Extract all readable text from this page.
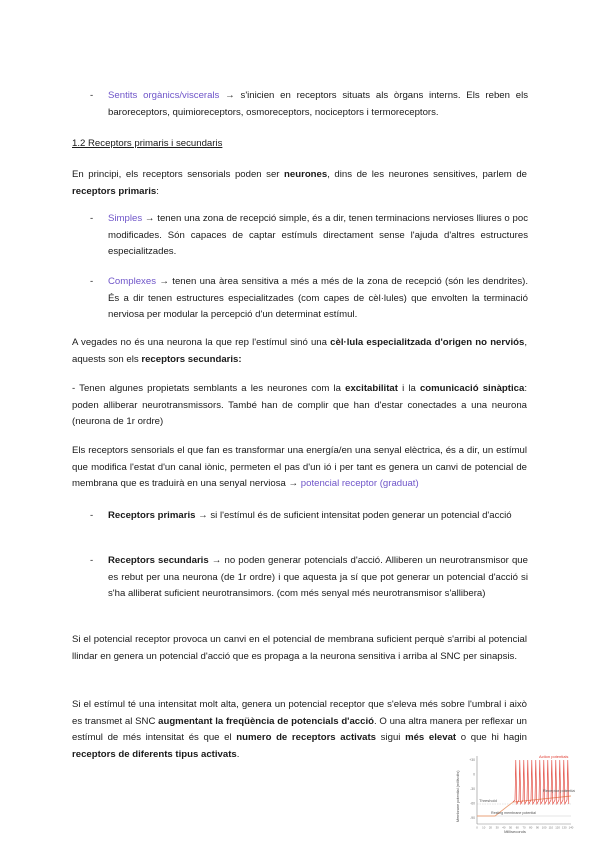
-	Sentits orgànics/viscerals → s'inicien en receptors situats als òrgans interns. Els reben els baroreceptors, quimioreceptors, osmoreceptors, nociceptors i termoreceptors.

1.2 Receptors primaris i secundaris

En principi, els receptors sensorials poden ser neurones, dins de les neurones sensitives, parlem de receptors primaris:

-	Simples → tenen una zona de recepció simple, és a dir, tenen terminacions nervioses lliures o poc modificades. Són capaces de captar estímuls directament sense l'ajuda d'altres estructures especialitzades.

-	Complexes → tenen una àrea sensitiva a més a més de la zona de recepció (són les dendrites). És a dir tenen estructures especialitzades (com capes de cèl·lules) que envolten la terminació nerviosa per modular la percepció d'un determinat estímul.

A vegades no és una neurona la que rep l'estímul sinó una cèl·lula especialitzada d'origen no nerviós, aquests son els receptors secundaris:

- Tenen algunes propietats semblants a les neurones com la excitabilitat i la comunicació sinàptica: poden alliberar neurotransmissors. També han de complir que han d'estar conectades a una neurona (neurona de 1r ordre)

Els receptors sensorials el que fan es transformar una energía/en una senyal elèctrica, és a dir, un estímul que modifica l'estat d'un canal iònic, permeten el pas d'un ió i per tant es genera un canvi de potencial de membrana que es traduirà en una senyal nerviosa → potencial receptor (graduat)

-	Receptors primaris → si l'estímul és de suficient intensitat poden generar un potencial d'acció

-	Receptors secundaris → no poden generar potencials d'acció. Alliberen un neurotransmisor que es rebut per una neurona (de 1r ordre) i que aquesta ja sí que pot generar un potencial d'acció si s'ha alliberat suficient neurotransimors. (com més senyal més neurotransmisor s'allibera)

Si el potencial receptor provoca un canvi en el potencial de membrana suficient perquè s'arribi al potencial llindar en genera un potencial d'acció que es propaga a la neurona sensitiva i arriba al SNC per sinapsis.

Si el estímul té una intensitat molt alta, genera un potencial receptor que s'eleva més sobre l'umbral i això es transmet al SNC augmentant la freqüència de potencials d'acció. O una altra manera per reflexar un estímul de més intensitat és que el numero de receptors activats sigui més elevat o que hi hagin receptors de diferents tipus activats.

Membrane potential (millivolts)
+30
0
-30
-60
-90
0 10 20 30 40 50 60 70 80 90 100 110 120 130 140
Action potentials
Receptor potential
Threshold
Resting membrane potential
Milliseconds
